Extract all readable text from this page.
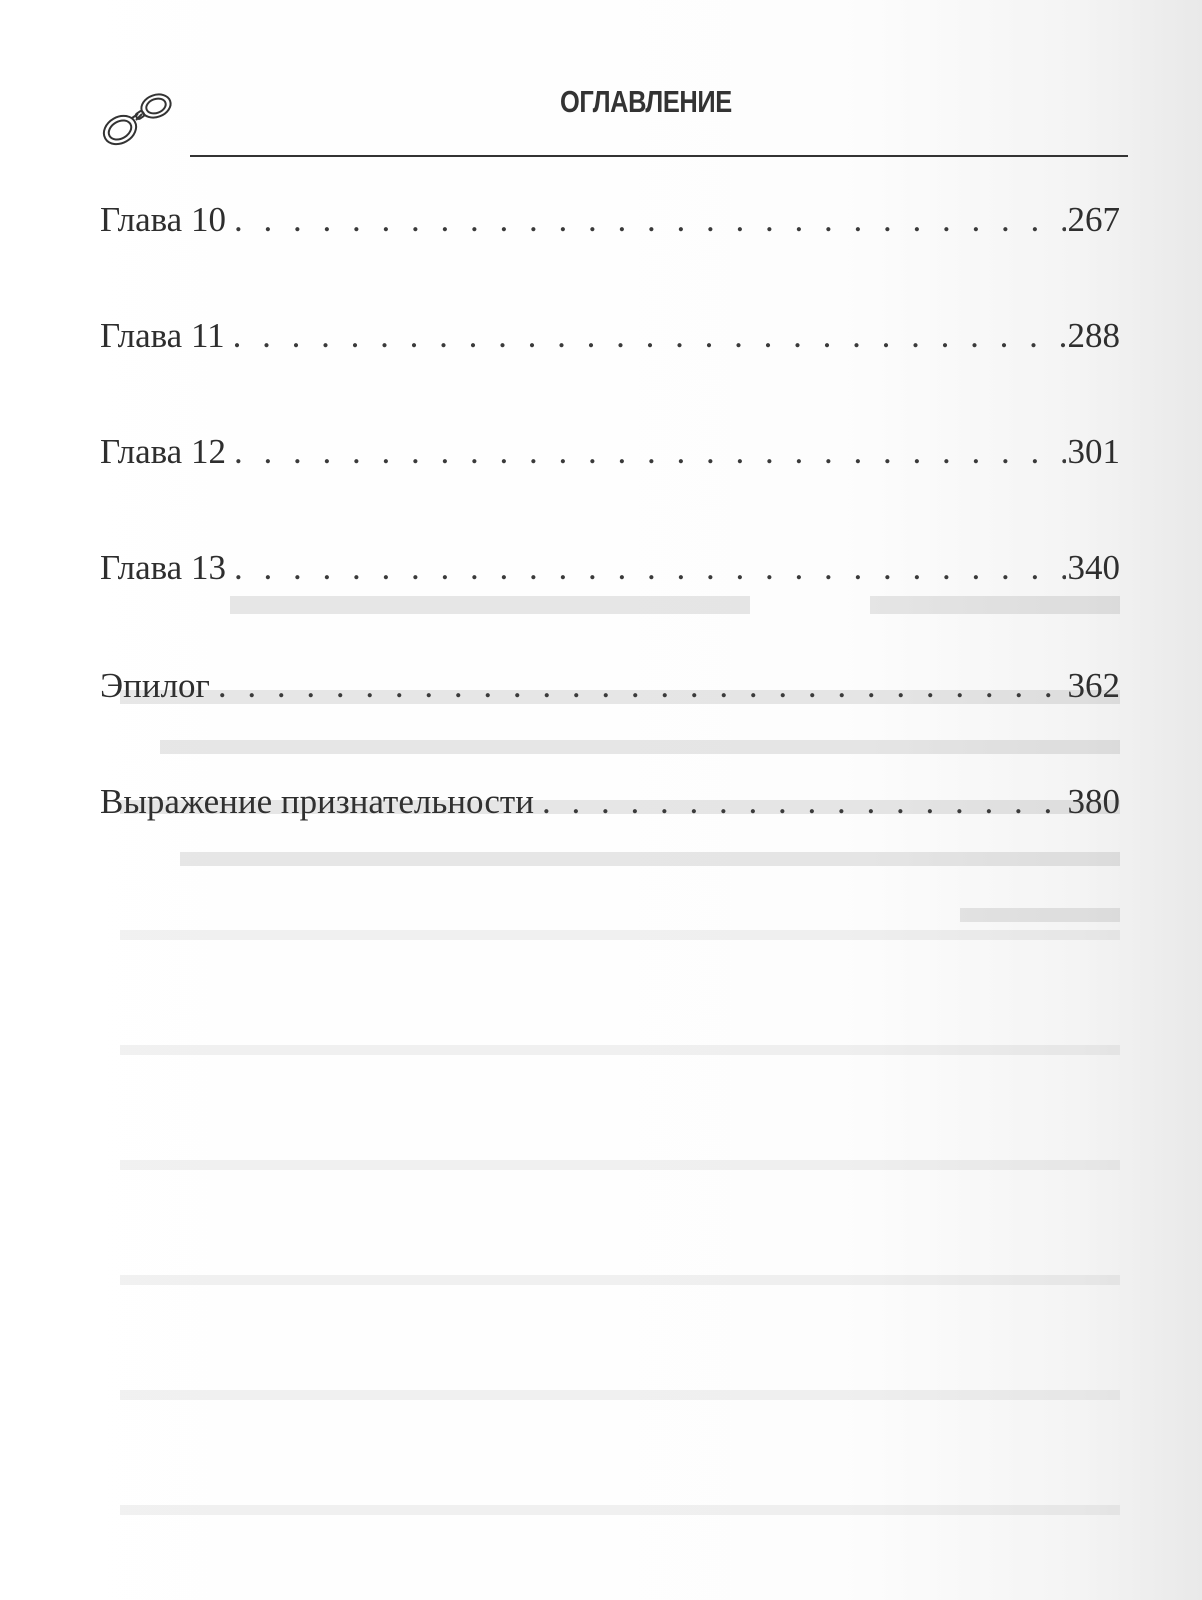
ОГЛАВЛЕНИЕ
Глава 10 . . .	267
Глава 11 . . .	288
Глава 12 . . .	301
Глава 13 . . .	340
Эпилог . . .	362
Выражение признательности . . .	380
